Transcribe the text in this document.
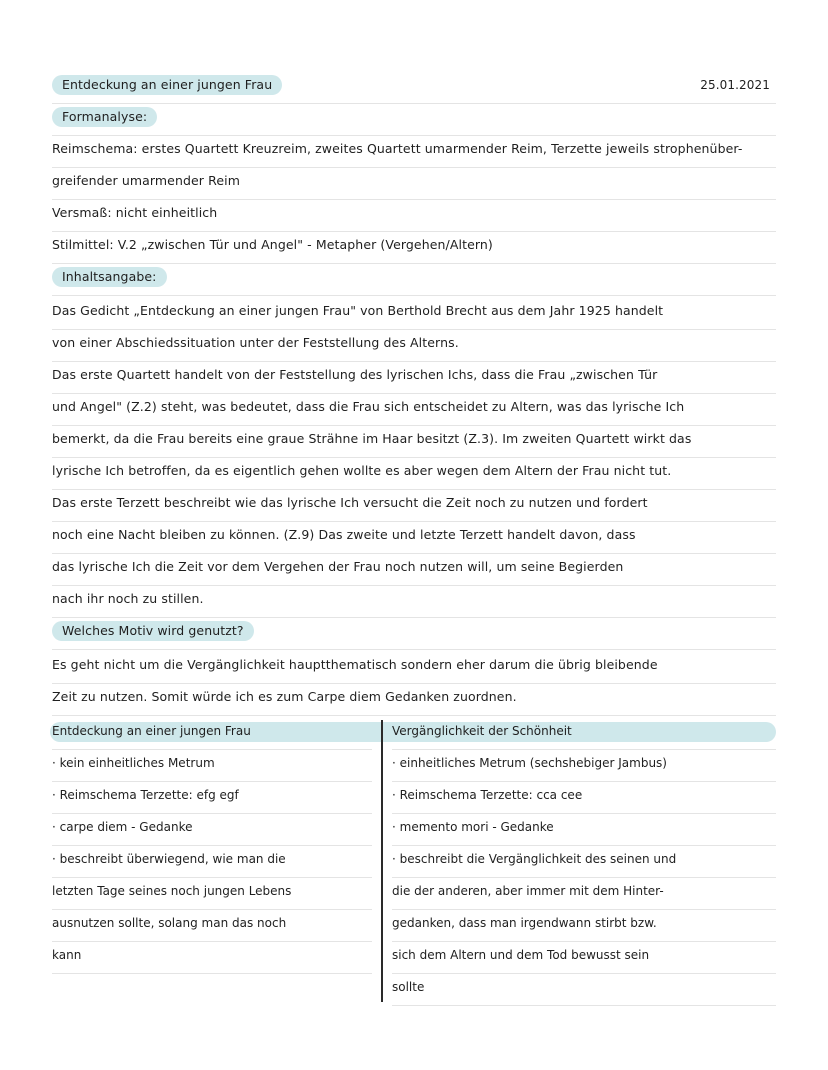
Entdeckung an einer jungen Frau	25.01.2021
Formanalyse:
Reimschema: erstes Quartett Kreuzreim, zweites Quartett umarmender Reim, Terzette jeweils strophenüber-
greifender umarmender Reim
Versmaß: nicht einheitlich
Stilmittel: V.2 „zwischen Tür und Angel" - Metapher (Vergehen/Altern)
Inhaltsangabe:
Das Gedicht „Entdeckung an einer jungen Frau" von Berthold Brecht aus dem Jahr 1925 handelt
von einer Abschiedssituation unter der Feststellung des Alterns.
Das erste Quartett handelt von der Feststellung des lyrischen Ichs, dass die Frau „zwischen Tür
und Angel" (Z.2) steht, was bedeutet, dass die Frau sich entscheidet zu Altern, was das lyrische Ich
bemerkt, da die Frau bereits eine graue Strähne im Haar besitzt (Z.3). Im zweiten Quartett wirkt das
lyrische Ich betroffen, da es eigentlich gehen wollte es aber wegen dem Altern der Frau nicht tut.
Das erste Terzett beschreibt wie das lyrische Ich versucht die Zeit noch zu nutzen und fordert
noch eine Nacht bleiben zu können. (Z.9) Das zweite und letzte Terzett handelt davon, dass
das lyrische Ich die Zeit vor dem Vergehen der Frau noch nutzen will, um seine Begierden
nach ihr noch zu stillen.
Welches Motiv wird genutzt?
Es geht nicht um die Vergänglichkeit hauptthematisch sondern eher darum die übrig bleibende
Zeit zu nutzen. Somit würde ich es zum Carpe diem Gedanken zuordnen.
Entdeckung an einer jungen Frau	Vergänglichkeit der Schönheit
· kein einheitliches Metrum
· Reimschema Terzette: efg egf
· carpe diem - Gedanke
· beschreibt überwiegend, wie man die
letzten Tage seines noch jungen Lebens
ausnutzen sollte, solang man das noch
kann
· einheitliches Metrum (sechshebiger Jambus)
· Reimschema Terzette: cca cee
· memento mori - Gedanke
· beschreibt die Vergänglichkeit des seinen und
die der anderen, aber immer mit dem Hinter-
gedanken, dass man irgendwann stirbt bzw.
sich dem Altern und dem Tod bewusst sein
sollte
